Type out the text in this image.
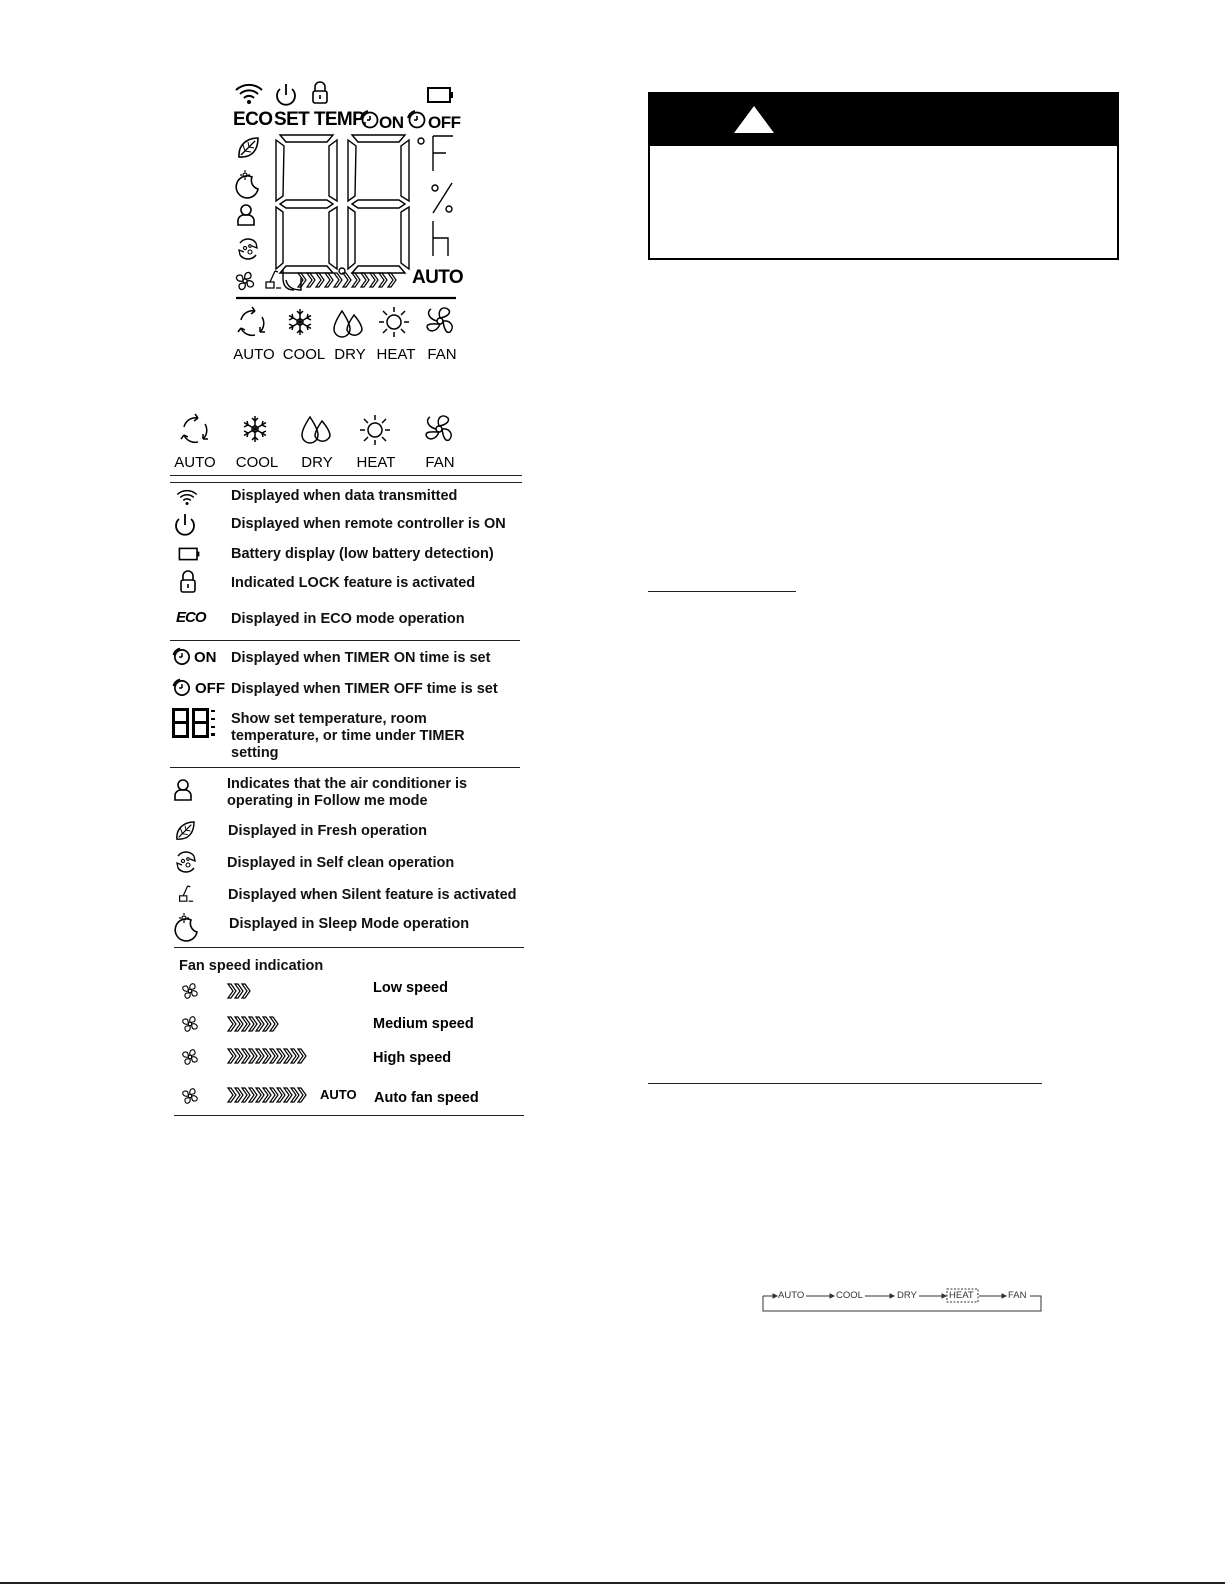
ECO SET TEMP. ON OFF
AUTO
AUTO COOL DRY HEAT FAN
AUTO	COOL	DRY	HEAT	FAN
Displayed when data transmitted
Displayed when remote controller is ON
Battery display (low battery detection)
Indicated LOCK feature is activated
ECO Displayed in ECO mode operation
ON Displayed when TIMER ON time is set
OFF Displayed when TIMER OFF time is set
Show set temperature, room temperature, or time under TIMER setting
Indicates that the air conditioner is operating in Follow me mode
Displayed in Fresh operation
Displayed in Self clean operation
Displayed when Silent feature is activated
Displayed in Sleep Mode operation
Fan speed indication
Low speed
Medium speed
High speed
AUTO Auto fan speed
AUTO	COOL	DRY	HEAT	FAN
